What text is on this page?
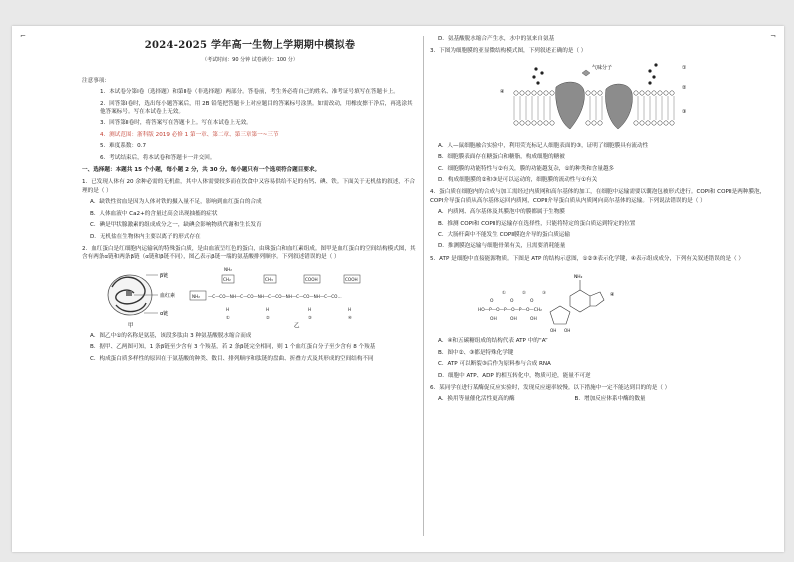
⌐	¬
2024-2025 学年高一生物上学期期中模拟卷
（考试时间：90 分钟 试卷满分：100 分）

注意事项：

1．本试卷分第Ⅰ卷（选择题）和第Ⅱ卷（非选择题）两部分。答卷前，考生务必将自己的姓名、准考证号填写在答题卡上。

2．回答第Ⅰ卷时，选出每小题答案后，用 2B 铅笔把答题卡上对应题目的答案标号涂黑。如需改动，用橡皮擦干净后，再选涂其他答案标号。写在本试卷上无效。

3．回答第Ⅱ卷时，将答案写在答题卡上。写在本试卷上无效。

4．测试范围：浙科版 2019 必修 1 第一章、第二章、第三章第一~三节

5．难度系数：0.7

6．考试结束后，将本试卷和答题卡一并交回。

一、选择题：本题共 15 个小题，每小题 2 分，共 30 分。每小题只有一个选项符合题目要求。

1．已发现人体有 20 余种必需的无机盐，其中人体需要较多而在饮食中又容易供给不足的有钙、碘、铁。下面关于无机盐的叙述，不合理的是（ ）

A．缺铁性贫血是因为人体对铁的摄入量不足，影响到血红蛋白的合成

B．人体血液中 Ca2+的含量过高会出现抽搐的症状

C．碘是甲状腺激素的组成成分之一，缺碘会影响物质代谢和生长发育

D．无机盐在生物体内主要以离子的形式存在

2．血红蛋白是红细胞内运输氧的特殊蛋白质，是由血液呈红色的蛋白，由珠蛋白和血红素组成。图甲是血红蛋白的空间结构模式图，其含有两条α链和两条β链（α链和β链不同），图乙表示β链一端的氨基酸排列顺序。下列叙述错误的是（ ）

β链
血红素
α链
甲
NH₂ —C—CO—NH—C—CO—NH—C—CO—NH—C—CO—NH—C—CO…
CH₂
NH₂
CH₃	COOH	COOH
H	H	H	H
①	②	③	④
乙

A．图乙中①的名称是氨基，该段多肽由 3 种氨基酸脱水缩合而成

B．据甲、乙两图可知，1 条β链至少含有 3 个羧基，若 2 条β链完全相同，则 1 个血红蛋白分子至少含有 8 个羧基

C．构成蛋白质多样性的原因在于氨基酸的种类、数目、排列顺序和肽链的盘曲、折叠方式及其形成的空间结构不同

D．氨基酸脱水缩合产生水，水中的氢来自氨基

3．下图为细胞膜的亚显微结构模式图，下列叙述正确的是（ ）

气味分子
④
①
②
③

A．人—鼠细胞融合实验中，利用荧光标记人细胞表面的③，证明了细胞膜具有流动性

B．细胞膜表面存在糖蛋白和糖脂，构成细胞的糖被

C．细胞膜的功能特性与②有关，膜的功能越复杂，①的种类和含量越多

D．构成细胞膜的②和③是可以运动的，细胞膜的流动性与①有关

4．蛋白质在细胞内的合成与加工需经过内质网和高尔基体的加工，在细胞中运输需要以囊泡包被形式进行。COPⅠ和 COPⅡ是两种膜泡，COPⅠ介导蛋白质从高尔基体运回内质网，COPⅡ介导蛋白质从内质网向高尔基体的运输。下列说法错误的是（ ）

A．内质网、高尔基体及其膜泡中的膜都属于生物膜

B．推测 COPⅠ和 COPⅡ的运输存在选择性，只能将特定的蛋白质运到特定的位置

C．大肠杆菌中不能发生 COPⅡ膜泡介导的蛋白质运输

D．推测膜泡运输与细胞骨架有关，且需要消耗能量

5．ATP 是细胞中直接能源物质。下图是 ATP 的结构示意图，①②③表示化学键，④表示组成成分，下列有关叙述错误的是（ ）

O	O	O
HO—P—O—P—O—P—O—CH₂
OH	OH	OH
①	②	③
OH OH
NH₂
④

A．④和五碳糖组成的结构代表 ATP 中的“A”

B．图中②、③都是特殊化学键

C．ATP 可以断裂③后作为原料参与合成 RNA

D．细胞中 ATP、ADP 的相互转化中，物质可逆，能量不可逆

6．某同学在进行某酶促反应实验时，发现反应速率较慢。以下措施中一定不能达到目的的是（ ）

A．换用等量催化活性更高的酶	B．增加反应体系中酶的数量
